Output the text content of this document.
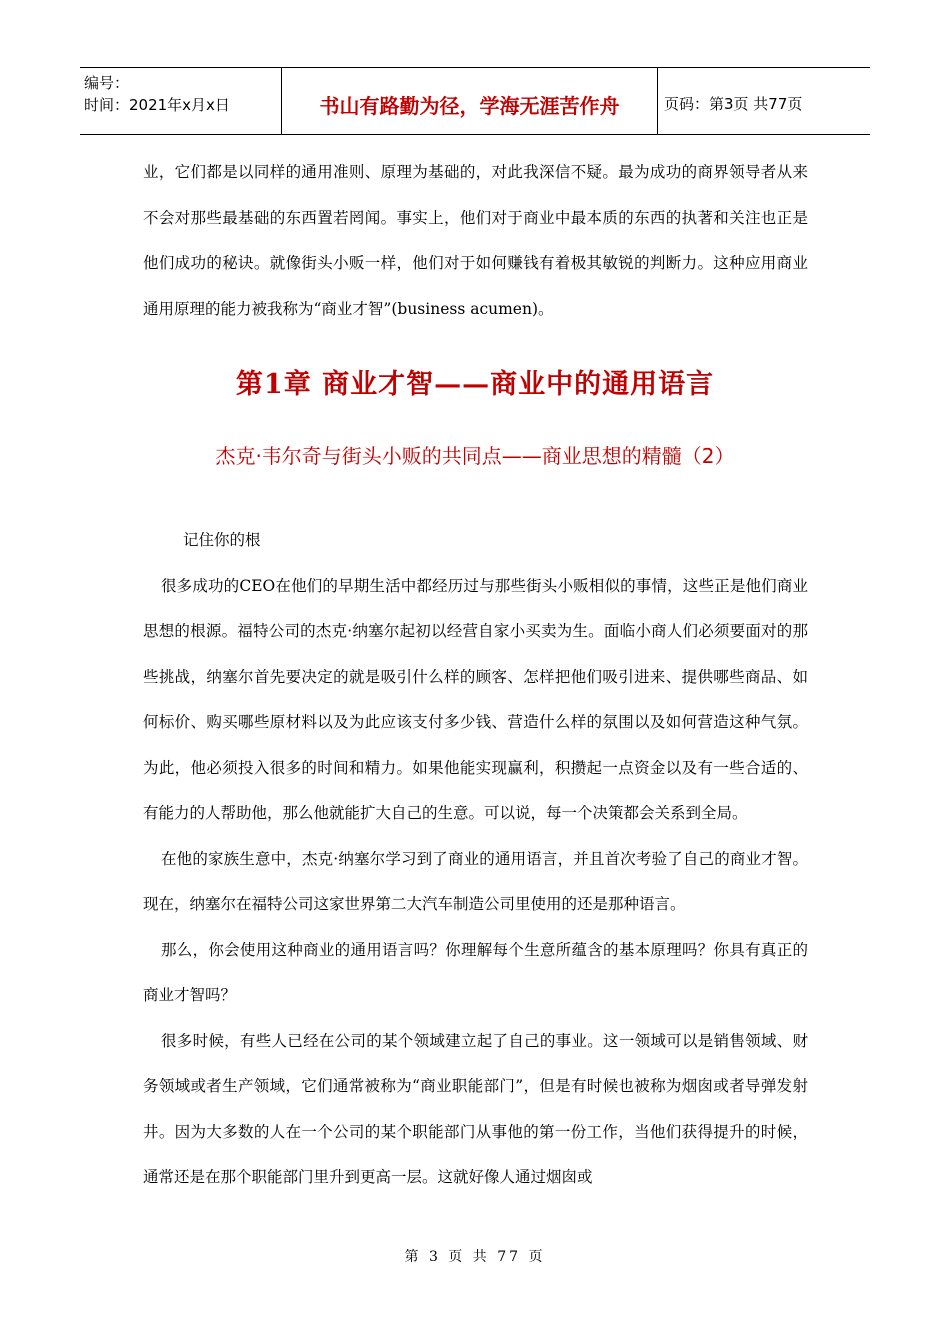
编号：
时间：2021年x月x日	书山有路勤为径，学海无涯苦作舟	页码：第3页 共77页

业，它们都是以同样的通用准则、原理为基础的，对此我深信不疑。最为成功的商界领导者从来不会对那些最基础的东西置若罔闻。事实上，他们对于商业中最本质的东西的执著和关注也正是他们成功的秘诀。就像街头小贩一样，他们对于如何赚钱有着极其敏锐的判断力。这种应用商业通用原理的能力被我称为“商业才智”(business acumen)。

第1章 商业才智——商业中的通用语言
杰克·韦尔奇与街头小贩的共同点——商业思想的精髓（2）

记住你的根

很多成功的CEO在他们的早期生活中都经历过与那些街头小贩相似的事情，这些正是他们商业思想的根源。福特公司的杰克·纳塞尔起初以经营自家小买卖为生。面临小商人们必须要面对的那些挑战，纳塞尔首先要决定的就是吸引什么样的顾客、怎样把他们吸引进来、提供哪些商品、如何标价、购买哪些原材料以及为此应该支付多少钱、营造什么样的氛围以及如何营造这种气氛。为此，他必须投入很多的时间和精力。如果他能实现赢利，积攒起一点资金以及有一些合适的、有能力的人帮助他，那么他就能扩大自己的生意。可以说，每一个决策都会关系到全局。

在他的家族生意中，杰克·纳塞尔学习到了商业的通用语言，并且首次考验了自己的商业才智。现在，纳塞尔在福特公司这家世界第二大汽车制造公司里使用的还是那种语言。

那么，你会使用这种商业的通用语言吗？你理解每个生意所蕴含的基本原理吗？你具有真正的商业才智吗？

很多时候，有些人已经在公司的某个领域建立起了自己的事业。这一领域可以是销售领域、财务领域或者生产领域，它们通常被称为“商业职能部门”，但是有时候也被称为烟囱或者导弹发射井。因为大多数的人在一个公司的某个职能部门从事他的第一份工作，当他们获得提升的时候，通常还是在那个职能部门里升到更高一层。这就好像人通过烟囱或

第 3 页 共 77 页
